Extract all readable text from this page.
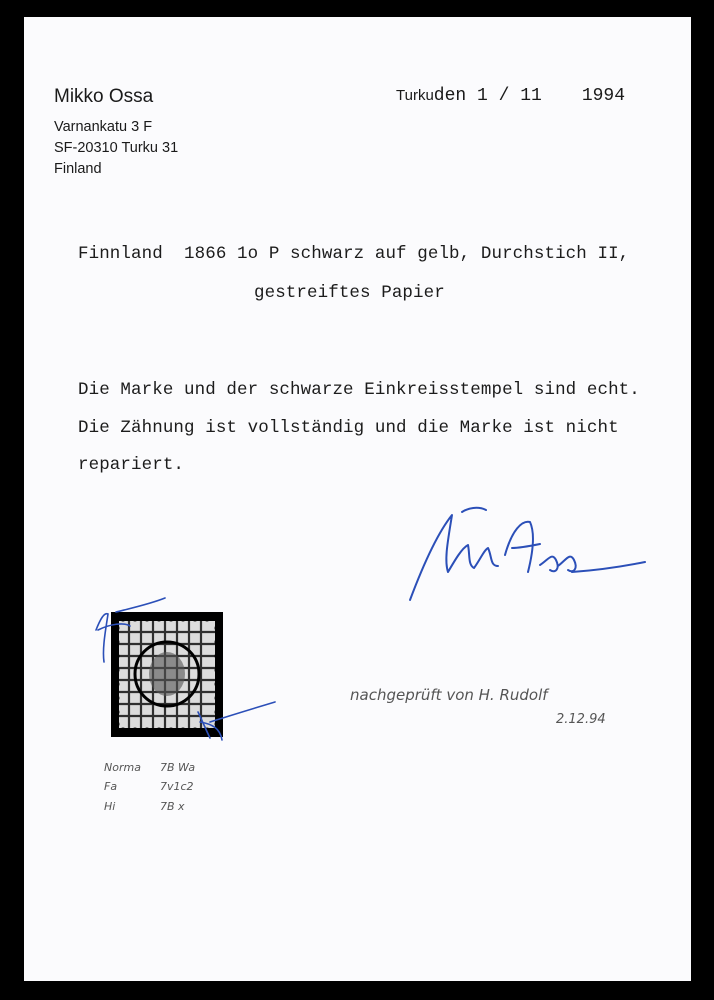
Mikko Ossa
Varnankatu 3 F
SF-20310 Turku 31
Finland
Turkuden 1 / 11 1994
Finnland  1866 1o P schwarz auf gelb, Durchstich II,
gestreiftes Papier
Die Marke und der schwarze Einkreisstempel sind echt.
Die Zähnung ist vollständig und die Marke ist nicht
repariert.
nachgeprüft von H. Rudolf
2.12.94
Norma 7B Wa
Fa	7v1c2
Hi	7B x
